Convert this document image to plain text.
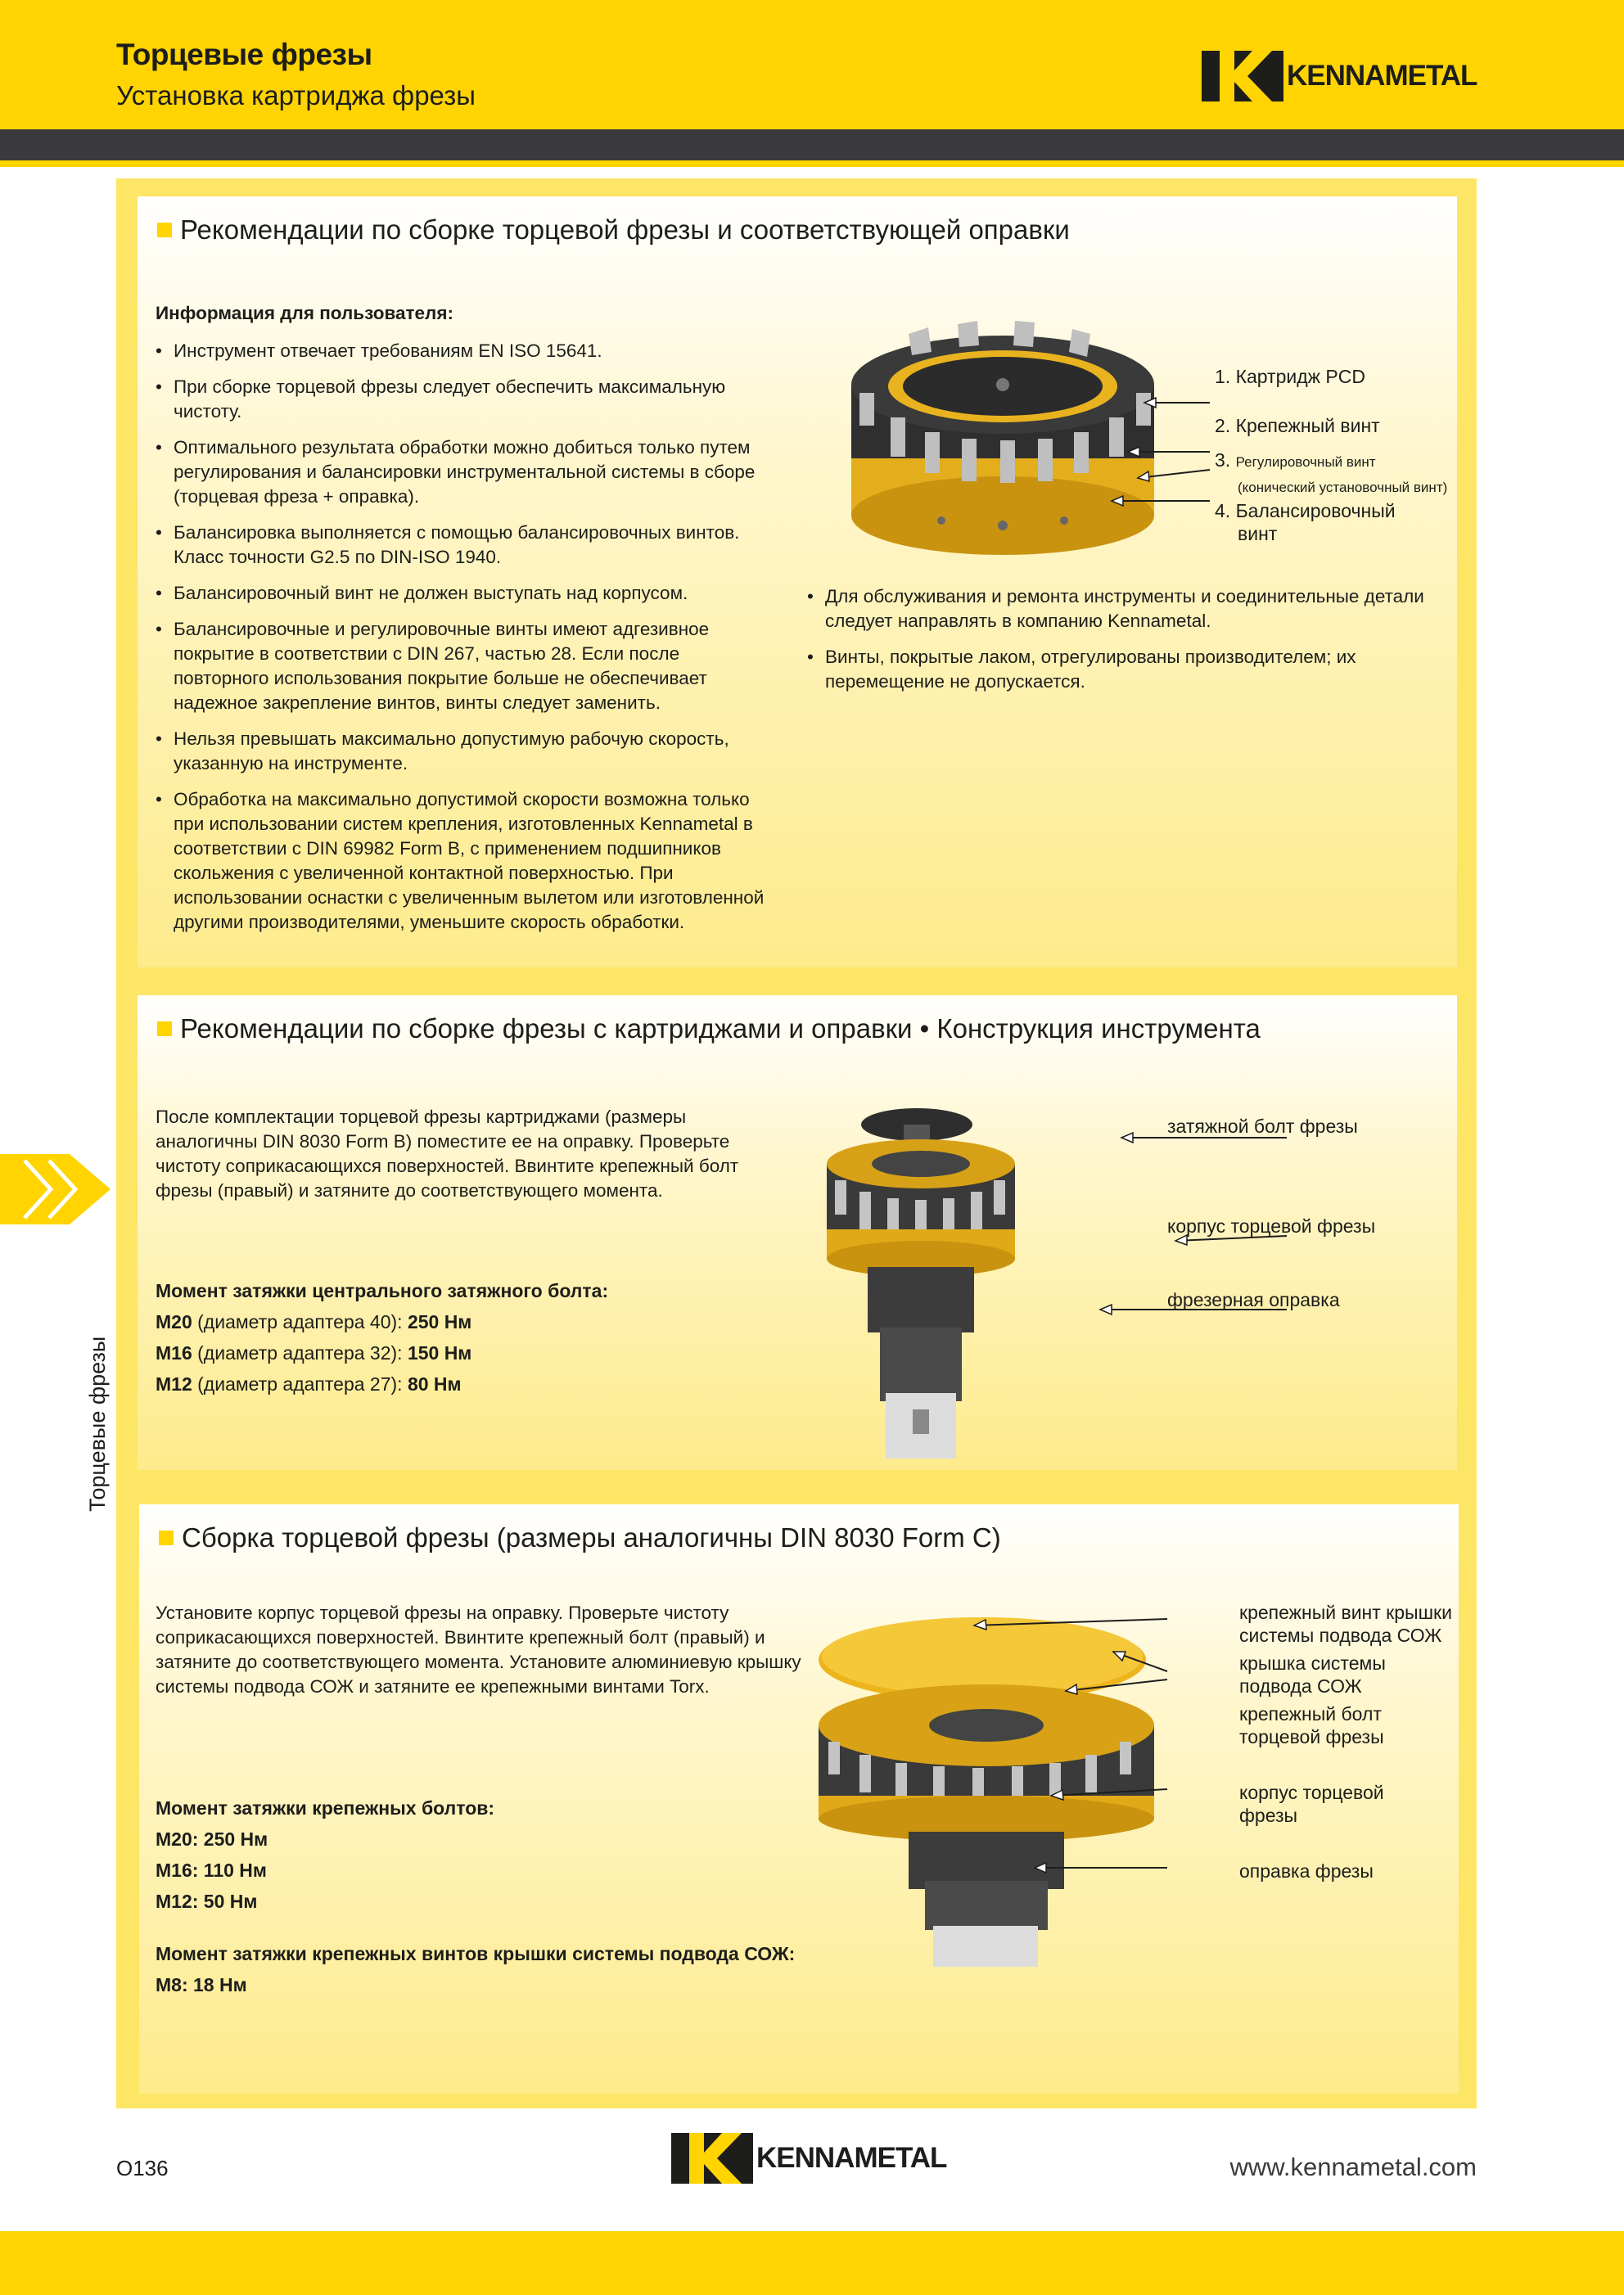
Торцевые фрезы
Установка картриджа фрезы
KENNAMETAL
Торцевые фрезы
Рекомендации по сборке торцевой фрезы и соответствующей оправки
Информация для пользователя:
• Инструмент отвечает требованиям EN ISO 15641.
• При сборке торцевой фрезы следует обеспечить максимальную чистоту.
• Оптимального результата обработки можно добиться только путем регулирования и балансировки инструментальной системы в сборе (торцевая фреза + оправка).
• Балансировка выполняется с помощью балансировочных винтов. Класс точности G2.5 по DIN-ISO 1940.
• Балансировочный винт не должен выступать над корпусом.
• Балансировочные и регулировочные винты имеют адгезивное покрытие в соответствии с DIN 267, частью 28. Если после повторного использования покрытие больше не обеспечивает надежное закрепление винтов, винты следует заменить.
• Нельзя превышать максимально допустимую рабочую скорость, указанную на инструменте.
• Обработка на максимально допустимой скорости возможна только при использовании систем крепления, изготовленных Kennametal в соответствии с DIN 69982 Form B, с применением подшипников скольжения с увеличенной контактной поверхностью. При использовании оснастки с увеличенным вылетом или изготовленной другими производителями, уменьшите скорость обработки.
1. Картридж PCD
2. Крепежный винт
3. Регулировочный винт
(конический установочный винт)
4. Балансировочный
винт
• Для обслуживания и ремонта инструменты и соединительные детали следует направлять в компанию Kennametal.
• Винты, покрытые лаком, отрегулированы производителем; их перемещение не допускается.
Рекомендации по сборке фрезы с картриджами и оправки • Конструкция инструмента
После комплектации торцевой фрезы картриджами (размеры аналогичны DIN 8030 Form B) поместите ее на оправку. Проверьте чистоту соприкасающихся поверхностей. Ввинтите крепежный болт фрезы (правый) и затяните до соответствующего момента.

Момент затяжки центрального затяжного болта:

M20 (диаметр адаптера 40): 250 Нм

M16 (диаметр адаптера 32): 150 Нм

M12 (диаметр адаптера 27): 80 Нм

затяжной болт фрезы
корпус торцевой фрезы
фрезерная оправка
Сборка торцевой фрезы (размеры аналогичны DIN 8030 Form C)
Установите корпус торцевой фрезы на оправку. Проверьте чистоту соприкасающихся поверхностей. Ввинтите крепежный болт (правый) и затяните до соответствующего момента. Установите алюминиевую крышку системы подвода СОЖ и затяните ее крепежными винтами Torx.

Момент затяжки крепежных болтов:

M20: 250 Нм

M16: 110 Нм

M12: 50 Нм

Момент затяжки крепежных винтов крышки системы подвода СОЖ:

M8: 18 Нм

крепежный винт крышки
системы подвода СОЖ
крышка системы
подвода СОЖ
крепежный болт
торцевой фрезы
корпус торцевой
фрезы
оправка фрезы
O136	KENNAMETAL	www.kennametal.com
